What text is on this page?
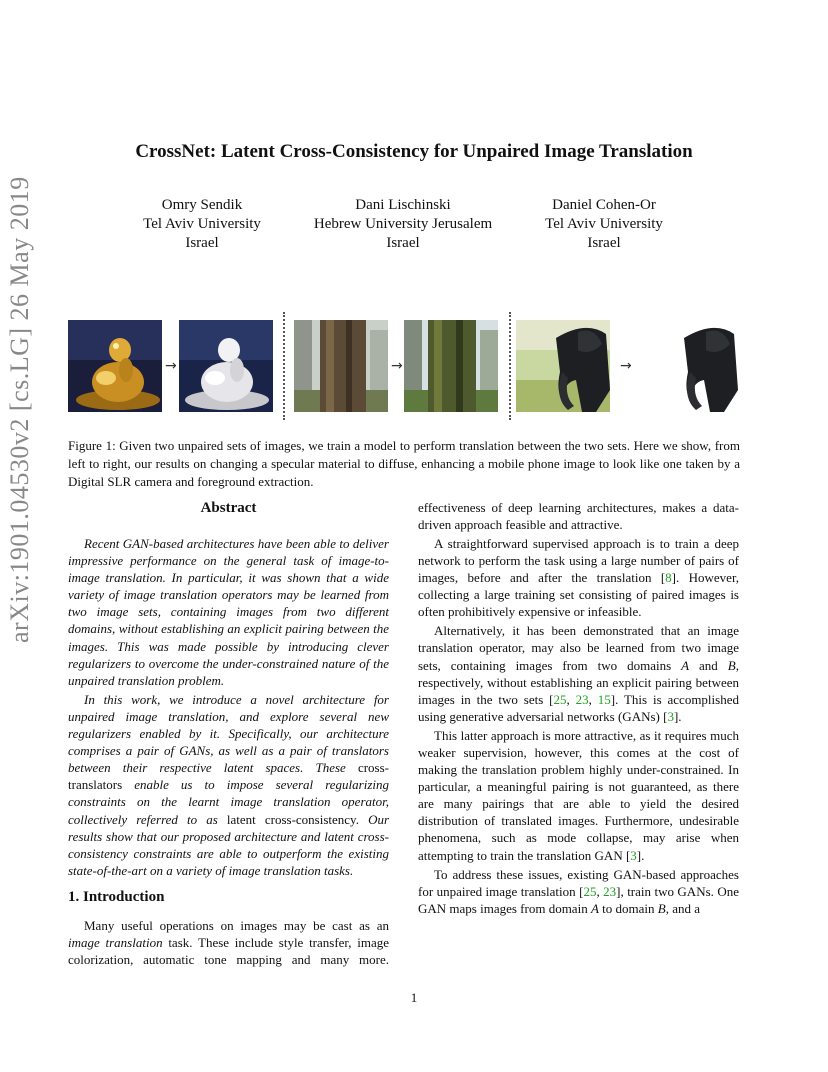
CrossNet: Latent Cross-Consistency for Unpaired Image Translation
Omry Sendik
Tel Aviv University
Israel
Dani Lischinski
Hebrew University Jerusalem
Israel
Daniel Cohen-Or
Tel Aviv University
Israel
arXiv:1901.04530v2 [cs.LG] 26 May 2019	→	→	→
Figure 1: Given two unpaired sets of images, we train a model to perform translation between the two sets. Here we show, from left to right, our results on changing a specular material to diffuse, enhancing a mobile phone image to look like one taken by a Digital SLR camera and foreground extraction.
Abstract

Recent GAN-based architectures have been able to deliver impressive performance on the general task of image-to-image translation. In particular, it was shown that a wide variety of image translation operators may be learned from two image sets, containing images from two different domains, without establishing an explicit pairing between the images. This was made possible by introducing clever regularizers to overcome the under-constrained nature of the unpaired translation problem.

In this work, we introduce a novel architecture for unpaired image translation, and explore several new regularizers enabled by it. Specifically, our architecture comprises a pair of GANs, as well as a pair of translators between their respective latent spaces. These cross-translators enable us to impose several regularizing constraints on the learnt image translation operator, collectively referred to as latent cross-consistency. Our results show that our proposed architecture and latent cross-consistency constraints are able to outperform the existing state-of-the-art on a variety of image translation tasks.

1. Introduction

Many useful operations on images may be cast as an image translation task. These include style transfer, image colorization, automatic tone mapping and many more.

effectiveness of deep learning architectures, makes a data-driven approach feasible and attractive.

A straightforward supervised approach is to train a deep network to perform the task using a large number of pairs of images, before and after the translation [8]. However, collecting a large training set consisting of paired images is often prohibitively expensive or infeasible.

Alternatively, it has been demonstrated that an image translation operator, may also be learned from two image sets, containing images from two domains A and B, respectively, without establishing an explicit pairing between images in the two sets [25, 23, 15]. This is accomplished using generative adversarial networks (GANs) [3].

This latter approach is more attractive, as it requires much weaker supervision, however, this comes at the cost of making the translation problem highly under-constrained. In particular, a meaningful pairing is not guaranteed, as there are many pairings that are able to yield the desired distribution of translated images. Furthermore, undesirable phenomena, such as mode collapse, may arise when attempting to train the translation GAN [3].

To address these issues, existing GAN-based approaches for unpaired image translation [25, 23], train two GANs. One GAN maps images from domain A to domain B, and a

1
